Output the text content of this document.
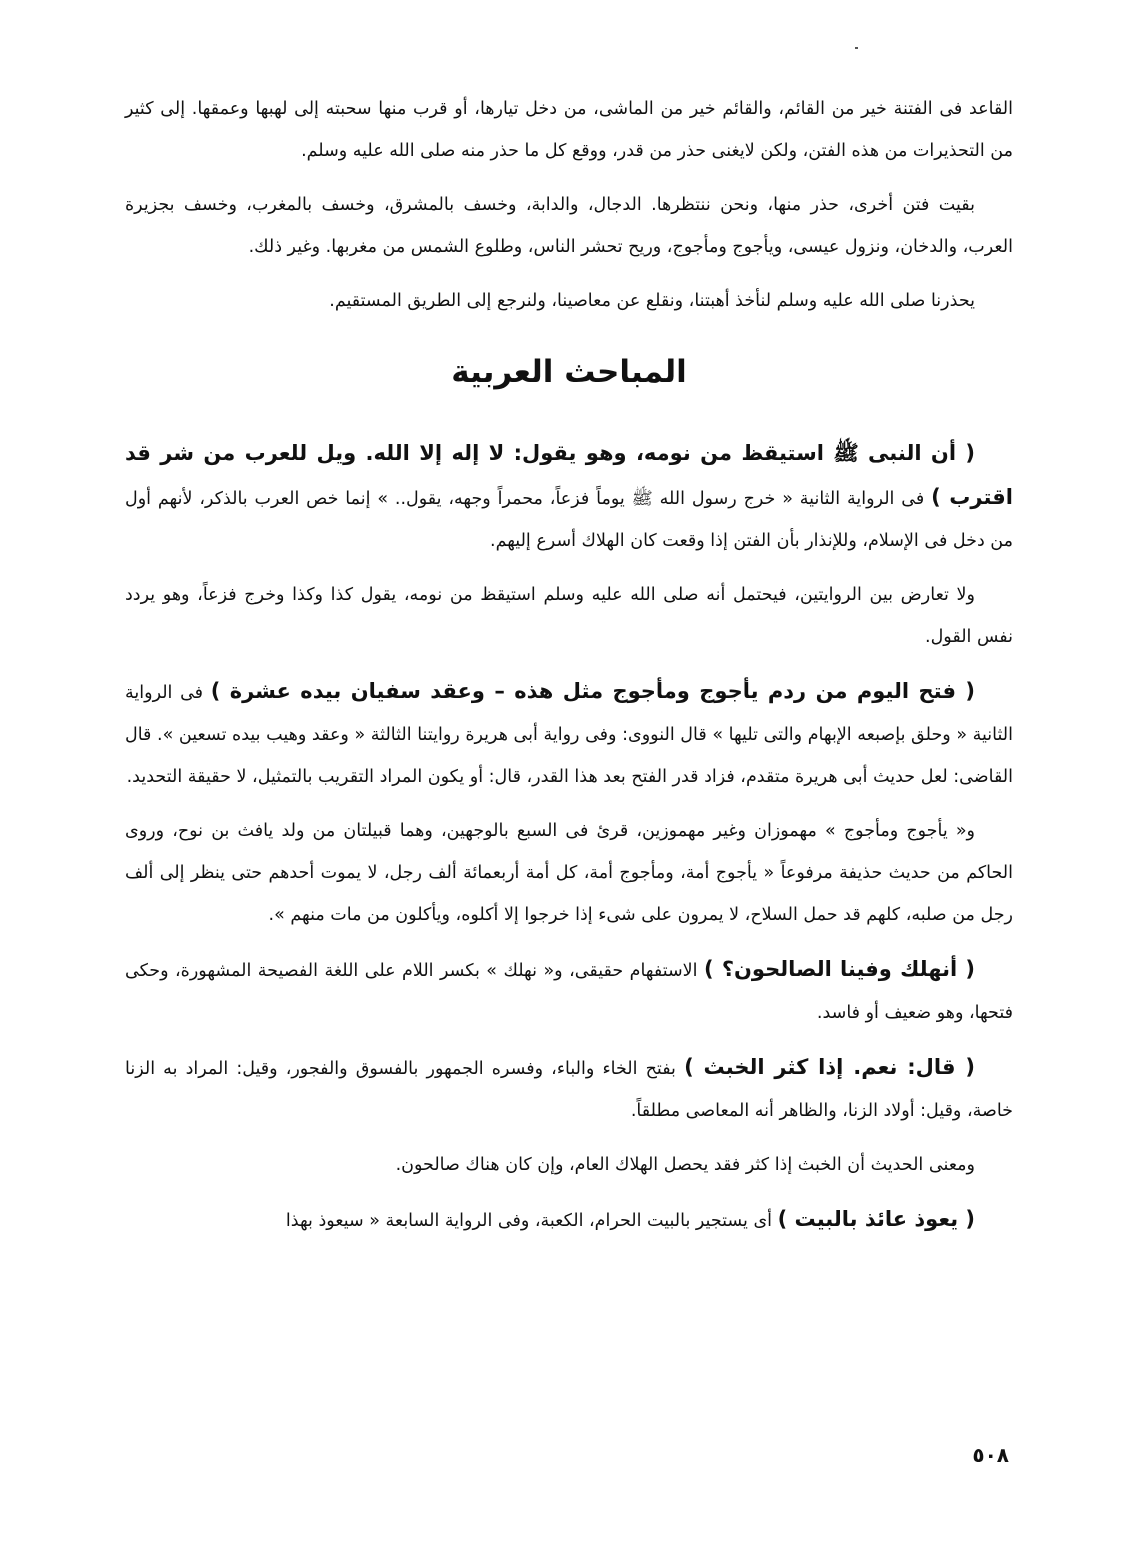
القاعد فى الفتنة خير من القائم، والقائم خير من الماشى، من دخل تيارها، أو قرب منها سحبته إلى لهبها وعمقها. إلى كثير من التحذيرات من هذه الفتن، ولكن لايغنى حذر من قدر، ووقع كل ما حذر منه صلى الله عليه وسلم.

بقيت فتن أخرى، حذر منها، ونحن ننتظرها. الدجال، والدابة، وخسف بالمشرق، وخسف بالمغرب، وخسف بجزيرة العرب، والدخان، ونزول عيسى، ويأجوج ومأجوج، وريح تحشر الناس، وطلوع الشمس من مغربها. وغير ذلك.

يحذرنا صلى الله عليه وسلم لنأخذ أهبتنا، ونقلع عن معاصينا، ولنرجع إلى الطريق المستقيم.

المباحث العربية

( أن النبى ﷺ استيقظ من نومه، وهو يقول: لا إله إلا الله. ويل للعرب من شر قد اقترب ) فى الرواية الثانية « خرج رسول الله ﷺ يوماً فزعاً، محمراً وجهه، يقول.. » إنما خص العرب بالذكر، لأنهم أول من دخل فى الإسلام، وللإنذار بأن الفتن إذا وقعت كان الهلاك أسرع إليهم.

ولا تعارض بين الروايتين، فيحتمل أنه صلى الله عليه وسلم استيقظ من نومه، يقول كذا وكذا وخرج فزعاً، وهو يردد نفس القول.

( فتح اليوم من ردم يأجوج ومأجوج مثل هذه – وعقد سفيان بيده عشرة ) فى الرواية الثانية « وحلق بإصبعه الإبهام والتى تليها » قال النووى: وفى رواية أبى هريرة روايتنا الثالثة « وعقد وهيب بيده تسعين ». قال القاضى: لعل حديث أبى هريرة متقدم، فزاد قدر الفتح بعد هذا القدر، قال: أو يكون المراد التقريب بالتمثيل، لا حقيقة التحديد.

و« يأجوج ومأجوج » مهموزان وغير مهموزين، قرئ فى السبع بالوجهين، وهما قبيلتان من ولد يافث بن نوح، وروى الحاكم من حديث حذيفة مرفوعاً « يأجوج أمة، ومأجوج أمة، كل أمة أربعمائة ألف رجل، لا يموت أحدهم حتى ينظر إلى ألف رجل من صلبه، كلهم قد حمل السلاح، لا يمرون على شىء إذا خرجوا إلا أكلوه، ويأكلون من مات منهم ».

( أنهلك وفينا الصالحون؟ ) الاستفهام حقيقى، و« نهلك » بكسر اللام على اللغة الفصيحة المشهورة، وحكى فتحها، وهو ضعيف أو فاسد.

( قال: نعم. إذا كثر الخبث ) بفتح الخاء والباء، وفسره الجمهور بالفسوق والفجور، وقيل: المراد به الزنا خاصة، وقيل: أولاد الزنا، والظاهر أنه المعاصى مطلقاً.

ومعنى الحديث أن الخبث إذا كثر فقد يحصل الهلاك العام، وإن كان هناك صالحون.

( يعوذ عائذ بالبيت ) أى يستجير بالبيت الحرام، الكعبة، وفى الرواية السابعة « سيعوذ بهذا

٥٠٨
